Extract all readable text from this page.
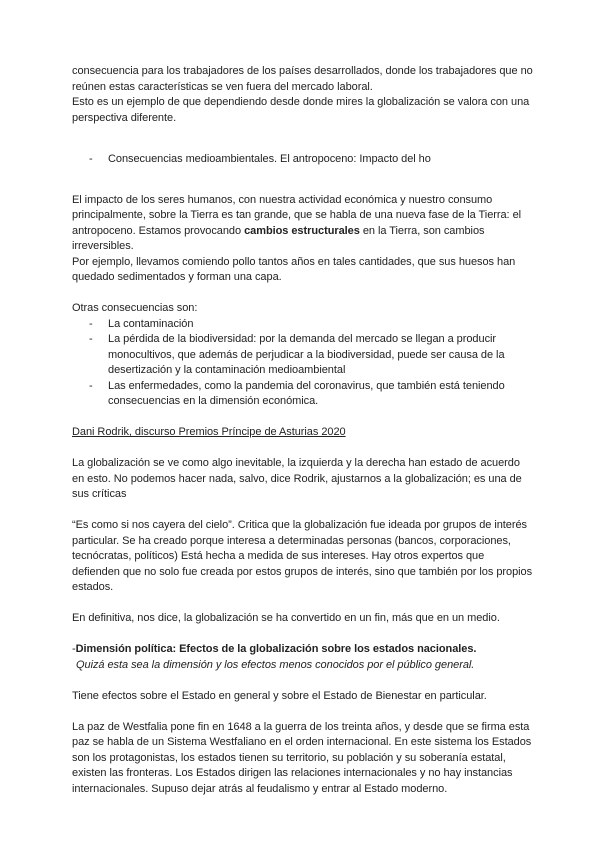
consecuencia para los trabajadores de los países desarrollados, donde los trabajadores que no reúnen estas características se ven fuera del mercado laboral.

Esto es un ejemplo de que dependiendo desde donde mires la globalización se valora con una perspectiva diferente.

- Consecuencias medioambientales. El antropoceno: Impacto del ho

El impacto de los seres humanos, con nuestra actividad económica y nuestro consumo principalmente, sobre la Tierra es tan grande, que se habla de una nueva fase de la Tierra: el antropoceno. Estamos provocando cambios estructurales en la Tierra, son cambios irreversibles.

Por ejemplo, llevamos comiendo pollo tantos años en tales cantidades, que sus huesos han quedado sedimentados y forman una capa.

Otras consecuencias son:

- La contaminación
- La pérdida de la biodiversidad: por la demanda del mercado se llegan a producir monocultivos, que además de perjudicar a la biodiversidad, puede ser causa de la desertización y la contaminación medioambiental
- Las enfermedades, como la pandemia del coronavirus, que también está teniendo consecuencias en la dimensión económica.

Dani Rodrik, discurso Premios Príncipe de Asturias 2020

La globalización se ve como algo inevitable, la izquierda y la derecha han estado de acuerdo en esto. No podemos hacer nada, salvo, dice Rodrik, ajustarnos a la globalización; es una de sus críticas

“Es como si nos cayera del cielo”. Critica que la globalización fue ideada por grupos de interés particular. Se ha creado porque interesa a determinadas personas (bancos, corporaciones, tecnócratas, políticos) Está hecha a medida de sus intereses. Hay otros expertos que defienden que no solo fue creada por estos grupos de interés, sino que también por los propios estados.

En definitiva, nos dice, la globalización se ha convertido en un fin, más que en un medio.

-Dimensión política: Efectos de la globalización sobre los estados nacionales.

Quizá esta sea la dimensión y los efectos menos conocidos por el público general.

Tiene efectos sobre el Estado en general y sobre el Estado de Bienestar en particular.

La paz de Westfalia pone fin en 1648 a la guerra de los treinta años, y desde que se firma esta paz se habla de un Sistema Westfaliano en el orden internacional. En este sistema los Estados son los protagonistas, los estados tienen su territorio, su población y su soberanía estatal, existen las fronteras. Los Estados dirigen las relaciones internacionales y no hay instancias internacionales. Supuso dejar atrás al feudalismo y entrar al Estado moderno.
